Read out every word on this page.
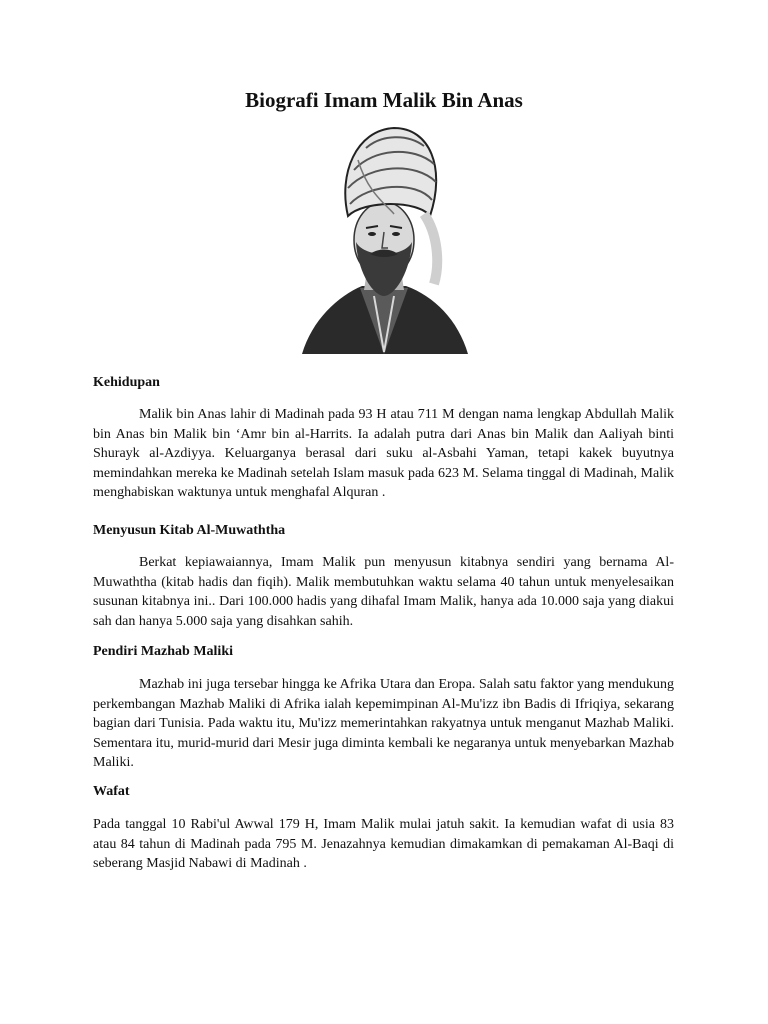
Biografi Imam Malik Bin Anas
Kehidupan

Malik bin Anas lahir di Madinah pada 93 H atau 711 M dengan nama lengkap Abdullah Malik bin Anas bin Malik bin ‘Amr bin al-Harrits. Ia adalah putra dari Anas bin Malik dan Aaliyah binti Shurayk al-Azdiyya. Keluarganya berasal dari suku al-Asbahi Yaman, tetapi kakek buyutnya memindahkan mereka ke Madinah setelah Islam masuk pada 623 M. Selama tinggal di Madinah, Malik menghabiskan waktunya untuk menghafal Alquran .

Menyusun Kitab Al-Muwaththa

Berkat kepiawaiannya, Imam Malik pun menyusun kitabnya sendiri yang bernama Al-Muwaththa (kitab hadis dan fiqih). Malik membutuhkan waktu selama 40 tahun untuk menyelesaikan susunan kitabnya ini.. Dari 100.000 hadis yang dihafal Imam Malik, hanya ada 10.000 saja yang diakui sah dan hanya 5.000 saja yang disahkan sahih.

Pendiri Mazhab Maliki

Mazhab ini juga tersebar hingga ke Afrika Utara dan Eropa. Salah satu faktor yang mendukung perkembangan Mazhab Maliki di Afrika ialah kepemimpinan Al-Mu'izz ibn Badis di Ifriqiya, sekarang bagian dari Tunisia. Pada waktu itu, Mu'izz memerintahkan rakyatnya untuk menganut Mazhab Maliki. Sementara itu, murid-murid dari Mesir juga diminta kembali ke negaranya untuk menyebarkan Mazhab Maliki.

Wafat

Pada tanggal 10 Rabi'ul Awwal 179 H, Imam Malik mulai jatuh sakit. Ia kemudian wafat di usia 83 atau 84 tahun di Madinah pada 795 M. Jenazahnya kemudian dimakamkan di pemakaman Al-Baqi di seberang Masjid Nabawi di Madinah .
